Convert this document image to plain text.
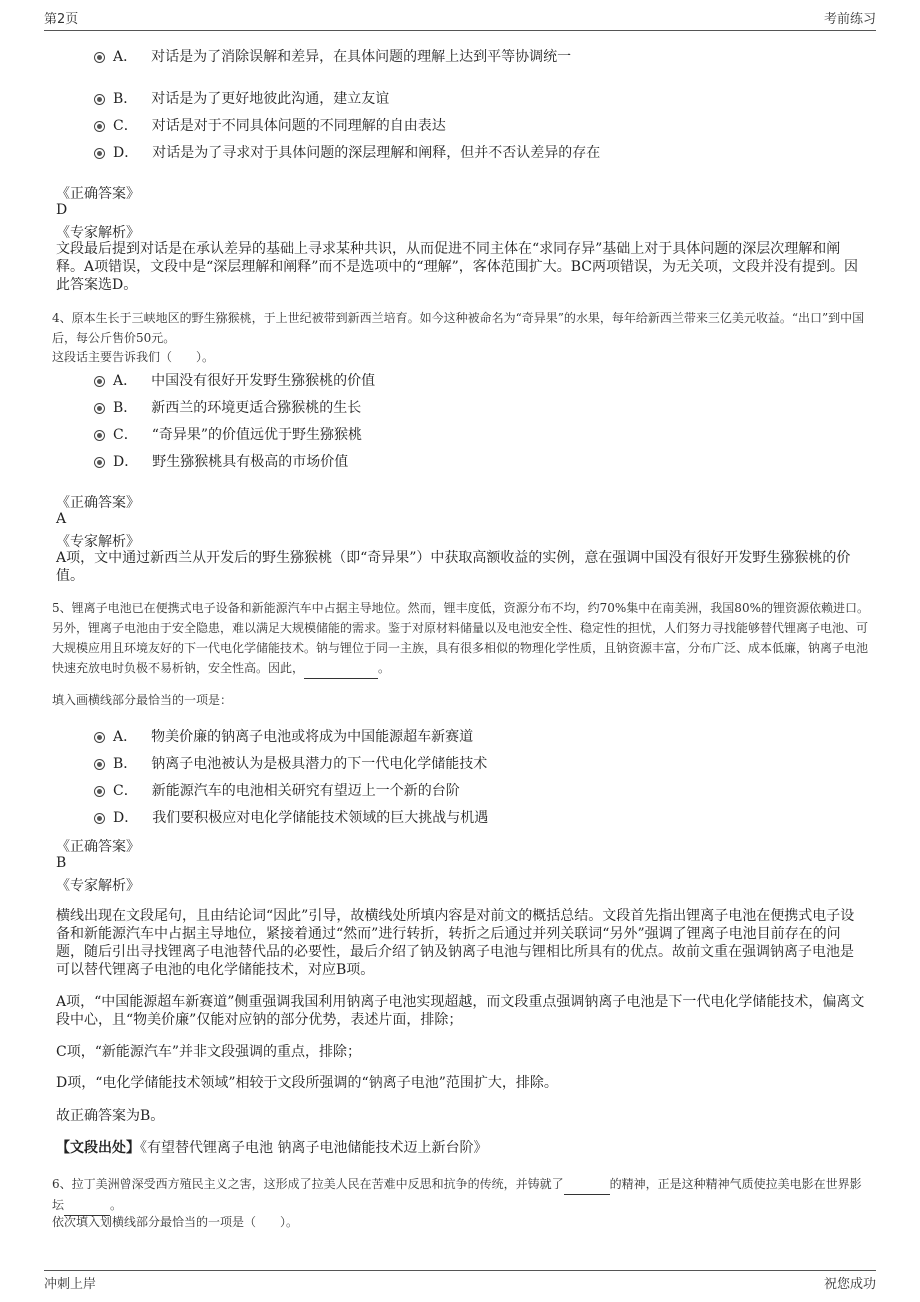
第2页	考前练习
A． 对话是为了消除误解和差异，在具体问题的理解上达到平等协调统一
B． 对话是为了更好地彼此沟通，建立友谊
C． 对话是对于不同具体问题的不同理解的自由表达
D． 对话是为了寻求对于具体问题的深层理解和阐释，但并不否认差异的存在
《正确答案》
D
《专家解析》
文段最后提到对话是在承认差异的基础上寻求某种共识，从而促进不同主体在“求同存异”基础上对于具体问题的深层次理解和阐释。A项错误，文段中是“深层理解和阐释”而不是选项中的“理解”，客体范围扩大。BC两项错误，为无关项，文段并没有提到。因此答案选D。
4、原本生长于三峡地区的野生猕猴桃，于上世纪被带到新西兰培育。如今这种被命名为“奇异果”的水果，每年给新西兰带来三亿美元收益。“出口”到中国后，每公斤售价50元。
这段话主要告诉我们（　　）。
A． 中国没有很好开发野生猕猴桃的价值
B． 新西兰的环境更适合猕猴桃的生长
C． “奇异果”的价值远优于野生猕猴桃
D． 野生猕猴桃具有极高的市场价值
《正确答案》
A
《专家解析》
A项，文中通过新西兰从开发后的野生猕猴桃（即“奇异果”）中获取高额收益的实例，意在强调中国没有很好开发野生猕猴桃的价值。
5、锂离子电池已在便携式电子设备和新能源汽车中占据主导地位。然而，锂丰度低，资源分布不均，约70%集中在南美洲，我国80%的锂资源依赖进口。另外，锂离子电池由于安全隐患，难以满足大规模储能的需求。鉴于对原材料储量以及电池安全性、稳定性的担忧，人们努力寻找能够替代锂离子电池、可大规模应用且环境友好的下一代电化学储能技术。钠与锂位于同一主族，具有很多相似的物理化学性质，且钠资源丰富，分布广泛、成本低廉，钠离子电池快速充放电时负极不易析钠，安全性高。因此，	。
填入画横线部分最恰当的一项是：
A． 物美价廉的钠离子电池或将成为中国能源超车新赛道
B． 钠离子电池被认为是极具潜力的下一代电化学储能技术
C． 新能源汽车的电池相关研究有望迈上一个新的台阶
D． 我们要积极应对电化学储能技术领域的巨大挑战与机遇
《正确答案》
B
《专家解析》
横线出现在文段尾句，且由结论词“因此”引导，故横线处所填内容是对前文的概括总结。文段首先指出锂离子电池在便携式电子设备和新能源汽车中占据主导地位，紧接着通过“然而”进行转折，转折之后通过并列关联词“另外”强调了锂离子电池目前存在的问题，随后引出寻找锂离子电池替代品的必要性，最后介绍了钠及钠离子电池与锂相比所具有的优点。故前文重在强调钠离子电池是可以替代锂离子电池的电化学储能技术，对应B项。
A项，“中国能源超车新赛道”侧重强调我国利用钠离子电池实现超越，而文段重点强调钠离子电池是下一代电化学储能技术，偏离文段中心，且“物美价廉”仅能对应钠的部分优势，表述片面，排除；
C项，“新能源汽车”并非文段强调的重点，排除；
D项，“电化学储能技术领域”相较于文段所强调的“钠离子电池”范围扩大，排除。
故正确答案为B。
【文段出处】《有望替代锂离子电池 钠离子电池储能技术迈上新台阶》
6、拉丁美洲曾深受西方殖民主义之害，这形成了拉美人民在苦难中反思和抗争的传统，并铸就了	的精神，正是这种精神气质使拉美电影在世界影坛	。
依次填入划横线部分最恰当的一项是（　　）。
冲刺上岸	祝您成功
